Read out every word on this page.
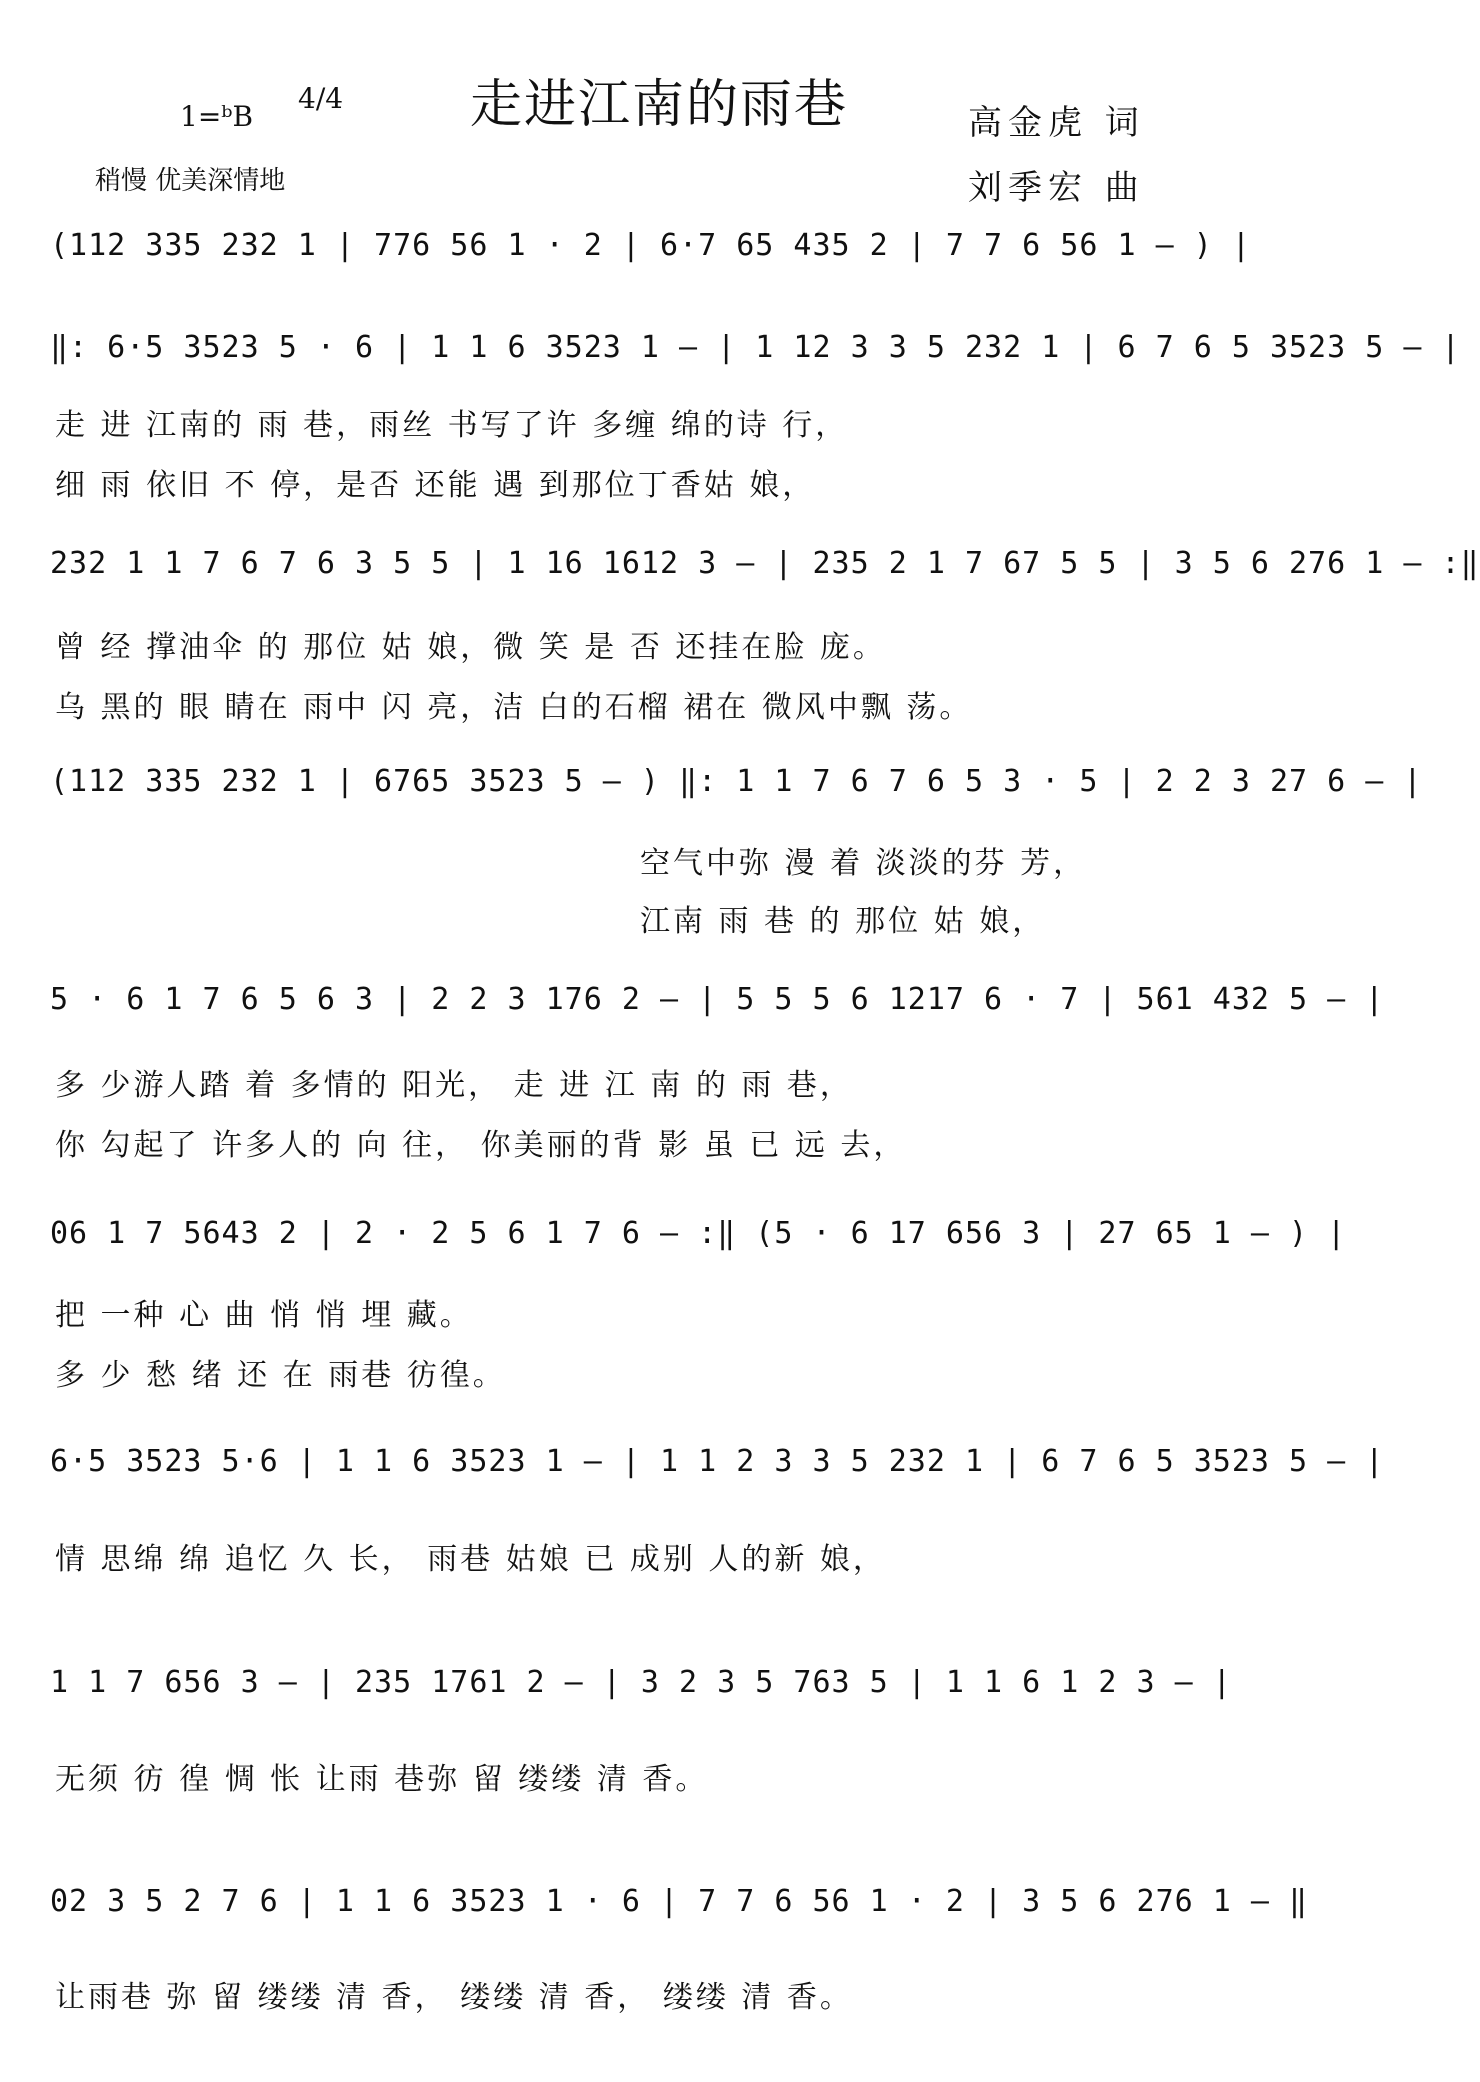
1=ᵇB
4/4 走进江南的雨巷	高金虎 词
稍慢 优美深情地	刘季宏 曲
(112 335 232 1 | 776 56 1 · 2 | 6·7 65 435 2 | 7 7 6 56 1 — ) |
‖: 6·5 3523 5 · 6 | 1 1 6 3523 1 — | 1 12 3 3 5 232 1 | 6 7 6 5 3523 5 — |
232 1 1 7 6 7 6 3 5 5 | 1 16 1612 3 — | 235 2 1 7 67 5 5 | 3 5 6 276 1 — :‖
(112 335 232 1 | 6765 3523 5 — ) ‖: 1 1 7 6 7 6 5 3 · 5 | 2 2 3 27 6 — |
5 · 6 1 7 6 5 6 3 | 2 2 3 176 2 — | 5 5 5 6 1217 6 · 7 | 561 432 5 — |
06 1 7 5643 2 | 2 · 2 5 6 1 7 6 — :‖ (5 · 6 17 656 3 | 27 65 1 — ) |
6·5 3523 5·6 | 1 1 6 3523 1 — | 1 1 2 3 3 5 232 1 | 6 7 6 5 3523 5 — |
1 1 7 656 3 — | 235 1761 2 — | 3 2 3 5 763 5 | 1 1 6 1 2 3 — |
02 3 5 2 7 6 | 1 1 6 3523 1 · 6 | 7 7 6 56 1 · 2 | 3 5 6 276 1 — ‖
走 进 江南的 雨 巷，雨丝 书写了许 多缠 绵的诗 行，
细 雨 依旧 不 停，是否 还能 遇 到那位丁香姑 娘，
曾 经 撑油伞 的 那位 姑 娘，微 笑 是 否 还挂在脸 庞。
乌 黑的 眼 睛在 雨中 闪 亮，洁 白的石榴 裙在 微风中飘 荡。
空气中弥 漫 着 淡淡的芬 芳，
江南 雨 巷 的 那位 姑 娘，
多 少游人踏 着 多情的 阳光， 走 进 江 南 的 雨 巷，
你 勾起了 许多人的 向 往， 你美丽的背 影 虽 已 远 去，
把 一种 心 曲 悄 悄 埋 藏。
多 少 愁 绪 还 在 雨巷 彷徨。
情 思绵 绵 追忆 久 长， 雨巷 姑娘 已 成别 人的新 娘，
无须 彷 徨 惆 怅 让雨 巷弥 留 缕缕 清 香。
让雨巷 弥 留 缕缕 清 香， 缕缕 清 香， 缕缕 清 香。
